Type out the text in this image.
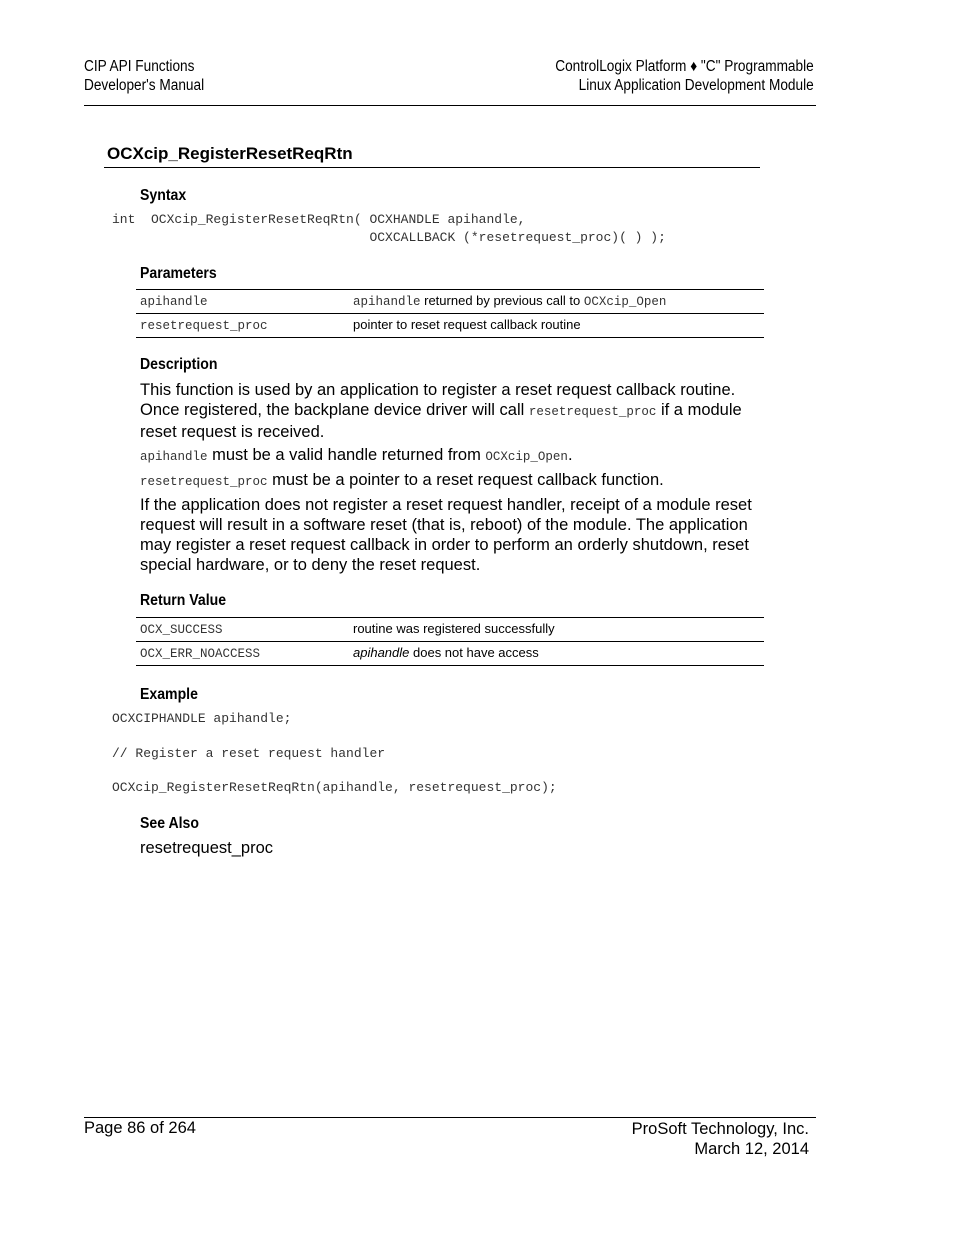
CIP API Functions
Developer's Manual
ControlLogix Platform ♦ "C" Programmable
Linux Application Development Module
OCXcip_RegisterResetReqRtn
Syntax
int  OCXcip_RegisterResetReqRtn( OCXHANDLE apihandle,
OCXCALLBACK (*resetrequest_proc)( ) );
Parameters
apihandle	apihandle returned by previous call to OCXcip_Open
resetrequest_proc	pointer to reset request callback routine
Description
This function is used by an application to register a reset request callback routine. Once registered, the backplane device driver will call resetrequest_proc if a module reset request is received.
apihandle must be a valid handle returned from OCXcip_Open.
resetrequest_proc must be a pointer to a reset request callback function.
If the application does not register a reset request handler, receipt of a module reset request will result in a software reset (that is, reboot) of the module. The application may register a reset request callback in order to perform an orderly shutdown, reset special hardware, or to deny the reset request.
Return Value
OCX_SUCCESS	routine was registered successfully
OCX_ERR_NOACCESS	apihandle does not have access
Example
OCXCIPHANDLE apihandle;
// Register a reset request handler
OCXcip_RegisterResetReqRtn(apihandle, resetrequest_proc);
See Also
resetrequest_proc
Page 86 of 264	ProSoft Technology, Inc.
March 12, 2014
